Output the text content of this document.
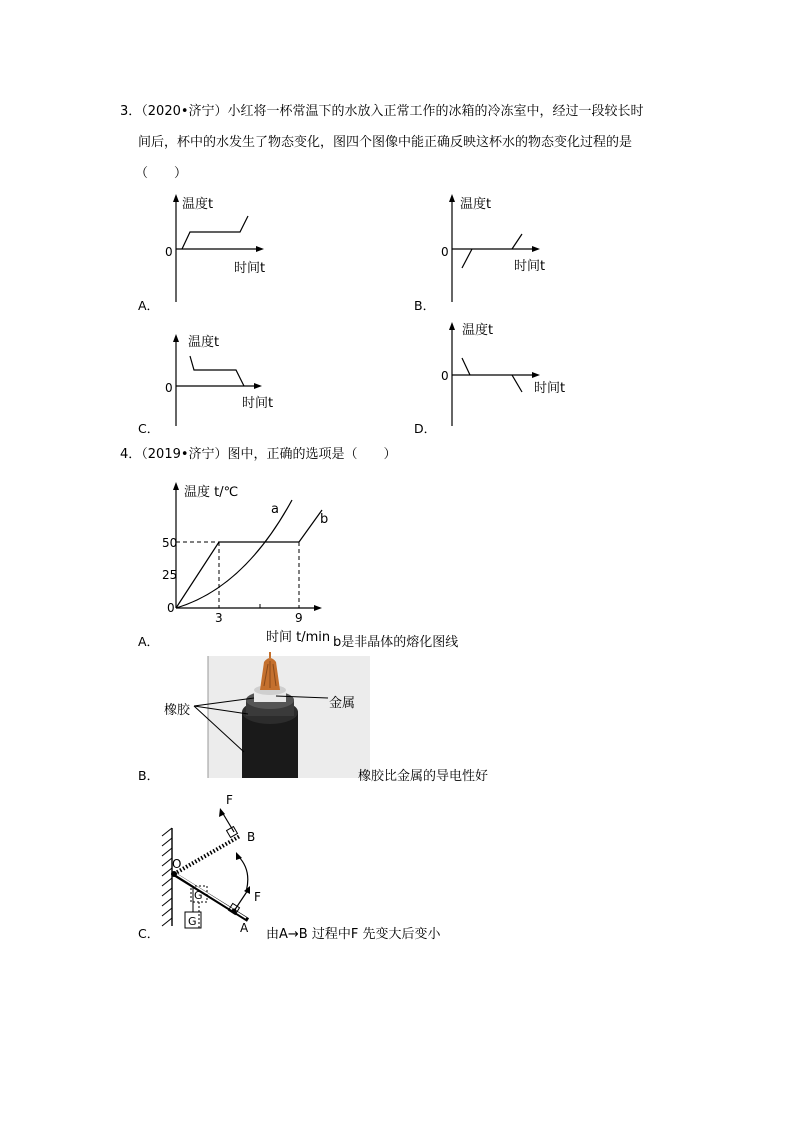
3．（2020•济宁）小红将一杯常温下的水放入正常工作的冰箱的冷冻室中，经过一段较长时
间后，杯中的水发生了物态变化，图四个图像中能正确反映这杯水的物态变化过程的是
（　　）
温度t
0
时间t
A．
温度t
0
时间t
B．
温度t
0
时间t
C．
温度t
0
时间t
D．
4．（2019•济宁）图中，正确的选项是（　　）
温度 t/℃
a
b
50
25
0
3	9
时间 t/min
A．	b是非晶体的熔化图线
橡胶	金属
B．	橡胶比金属的导电性好
O
B
A
F
F
G
G
C．	由A→B 过程中F 先变大后变小
